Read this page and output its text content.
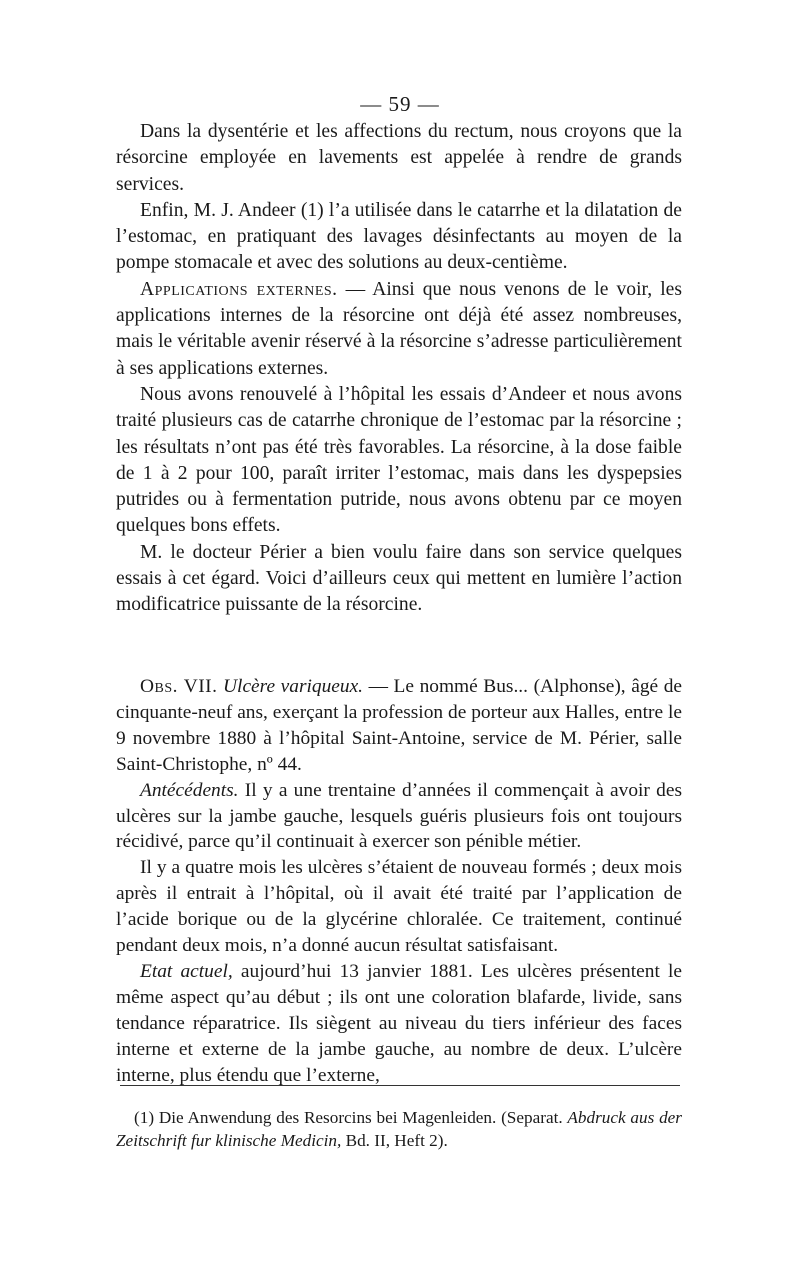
— 59 —

Dans la dysentérie et les affections du rectum, nous croyons que la résorcine employée en lavements est appelée à rendre de grands services.

Enfin, M. J. Andeer (1) l’a utilisée dans le catarrhe et la dilatation de l’estomac, en pratiquant des lavages désinfectants au moyen de la pompe stomacale et avec des solutions au deux-centième.

Applications externes. — Ainsi que nous venons de le voir, les applications internes de la résorcine ont déjà été assez nombreuses, mais le véritable avenir réservé à la résorcine s’adresse particulièrement à ses applications externes.

Nous avons renouvelé à l’hôpital les essais d’Andeer et nous avons traité plusieurs cas de catarrhe chronique de l’estomac par la résorcine ; les résultats n’ont pas été très favorables. La résorcine, à la dose faible de 1 à 2 pour 100, paraît irriter l’estomac, mais dans les dyspepsies putrides ou à fermentation putride, nous avons obtenu par ce moyen quelques bons effets.

M. le docteur Périer a bien voulu faire dans son service quelques essais à cet égard. Voici d’ailleurs ceux qui mettent en lumière l’action modificatrice puissante de la résorcine.

Obs. VII. Ulcère variqueux. — Le nommé Bus... (Alphonse), âgé de cinquante-neuf ans, exerçant la profession de porteur aux Halles, entre le 9 novembre 1880 à l’hôpital Saint-Antoine, service de M. Périer, salle Saint-Christophe, nº 44.

Antécédents. Il y a une trentaine d’années il commençait à avoir des ulcères sur la jambe gauche, lesquels guéris plusieurs fois ont toujours récidivé, parce qu’il continuait à exercer son pénible métier.

Il y a quatre mois les ulcères s’étaient de nouveau formés ; deux mois après il entrait à l’hôpital, où il avait été traité par l’application de l’acide borique ou de la glycérine chloralée. Ce traitement, continué pendant deux mois, n’a donné aucun résultat satisfaisant.

Etat actuel, aujourd’hui 13 janvier 1881. Les ulcères présentent le même aspect qu’au début ; ils ont une coloration blafarde, livide, sans tendance réparatrice. Ils siègent au niveau du tiers inférieur des faces interne et externe de la jambe gauche, au nombre de deux. L’ulcère interne, plus étendu que l’externe,

(1) Die Anwendung des Resorcins bei Magenleiden. (Separat. Abdruck aus der Zeitschrift fur klinische Medicin, Bd. II, Heft 2).
